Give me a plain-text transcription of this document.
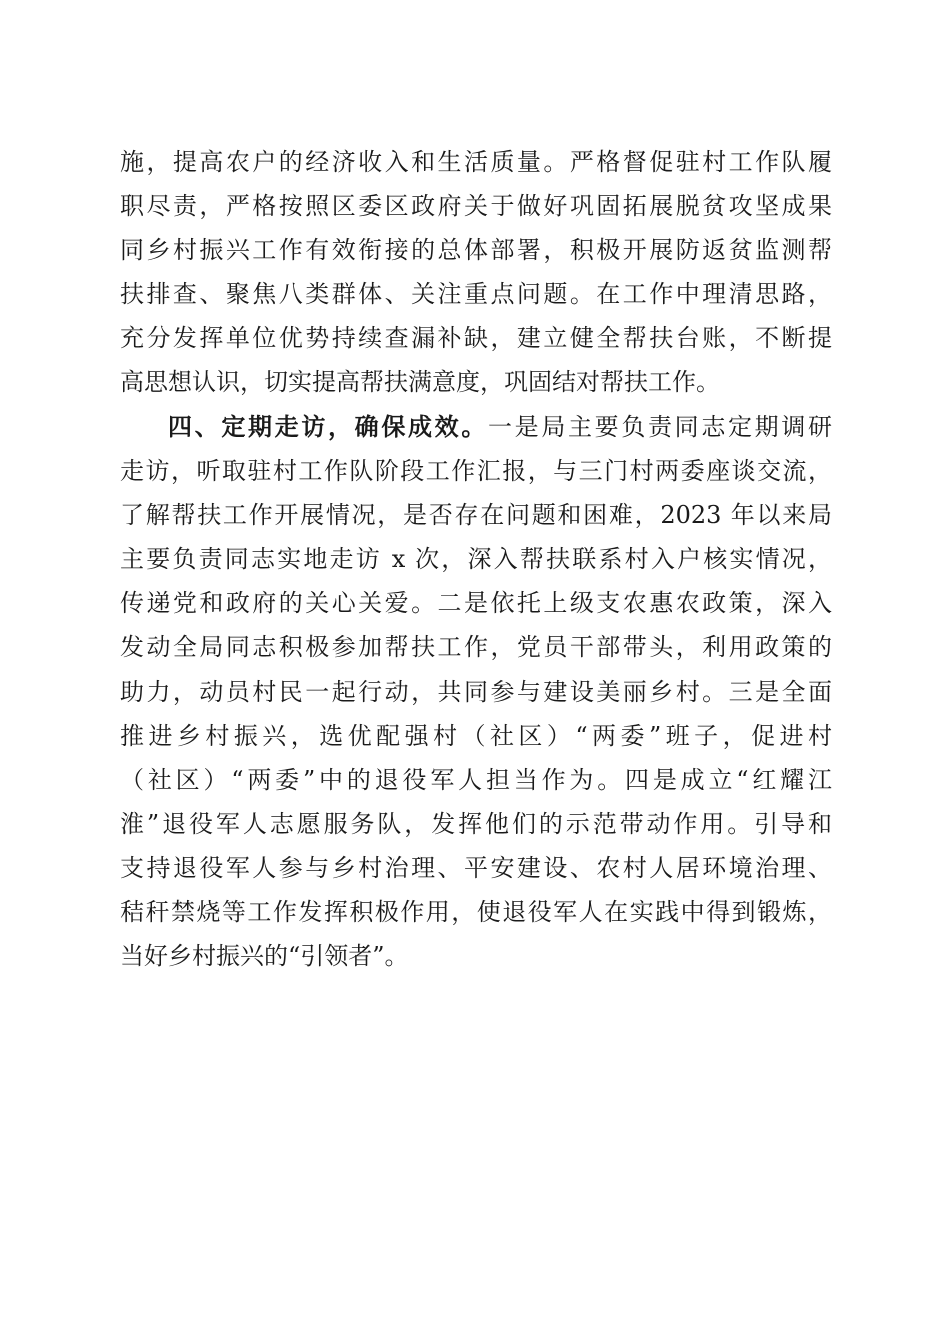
施，提高农户的经济收入和生活质量。严格督促驻村工作队履
职尽责，严格按照区委区政府关于做好巩固拓展脱贫攻坚成果
同乡村振兴工作有效衔接的总体部署，积极开展防返贫监测帮
扶排查、聚焦八类群体、关注重点问题。在工作中理清思路，
充分发挥单位优势持续查漏补缺，建立健全帮扶台账，不断提
高思想认识，切实提高帮扶满意度，巩固结对帮扶工作。
四、定期走访，确保成效。一是局主要负责同志定期调研
走访，听取驻村工作队阶段工作汇报，与三门村两委座谈交流，
了解帮扶工作开展情况，是否存在问题和困难，2023 年以来局
主要负责同志实地走访 x 次，深入帮扶联系村入户核实情况，
传递党和政府的关心关爱。二是依托上级支农惠农政策，深入
发动全局同志积极参加帮扶工作，党员干部带头，利用政策的
助力，动员村民一起行动，共同参与建设美丽乡村。三是全面
推进乡村振兴，选优配强村（社区）“两委”班子，促进村
（社区）“两委”中的退役军人担当作为。四是成立“红耀江
淮”退役军人志愿服务队，发挥他们的示范带动作用。引导和
支持退役军人参与乡村治理、平安建设、农村人居环境治理、
秸秆禁烧等工作发挥积极作用，使退役军人在实践中得到锻炼，
当好乡村振兴的“引领者”。
